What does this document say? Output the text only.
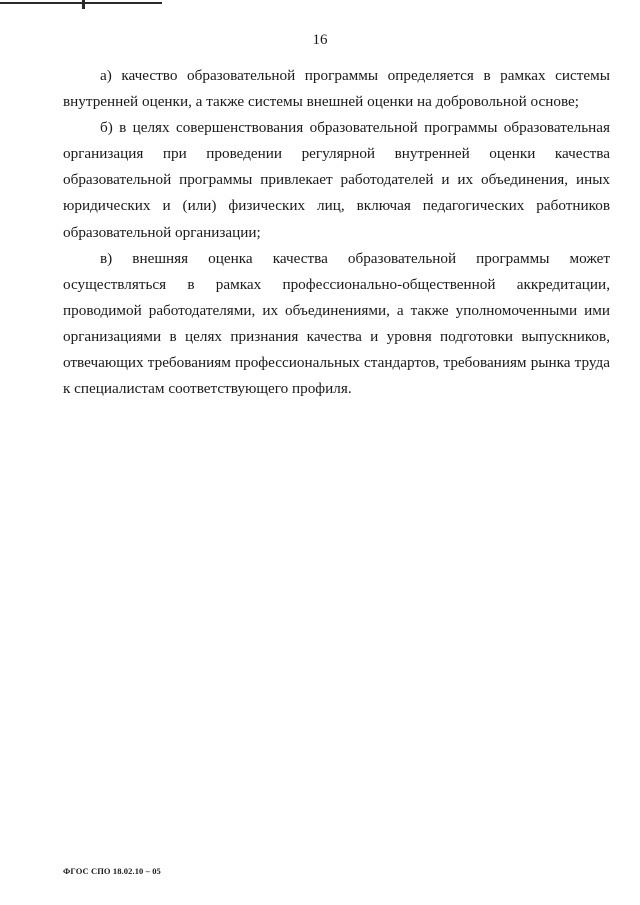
16

а) качество образовательной программы определяется в рамках системы внутренней оценки, а также системы внешней оценки на добровольной основе;

б) в целях совершенствования образовательной программы образовательная организация при проведении регулярной внутренней оценки качества образовательной программы привлекает работодателей и их объединения, иных юридических и (или) физических лиц, включая педагогических работников образовательной организации;

в) внешняя оценка качества образовательной программы может осуществляться в рамках профессионально-общественной аккредитации, проводимой работодателями, их объединениями, а также уполномоченными ими организациями в целях признания качества и уровня подготовки выпускников, отвечающих требованиям профессиональных стандартов, требованиям рынка труда к специалистам соответствующего профиля.

ФГОС СПО 18.02.10 – 05
